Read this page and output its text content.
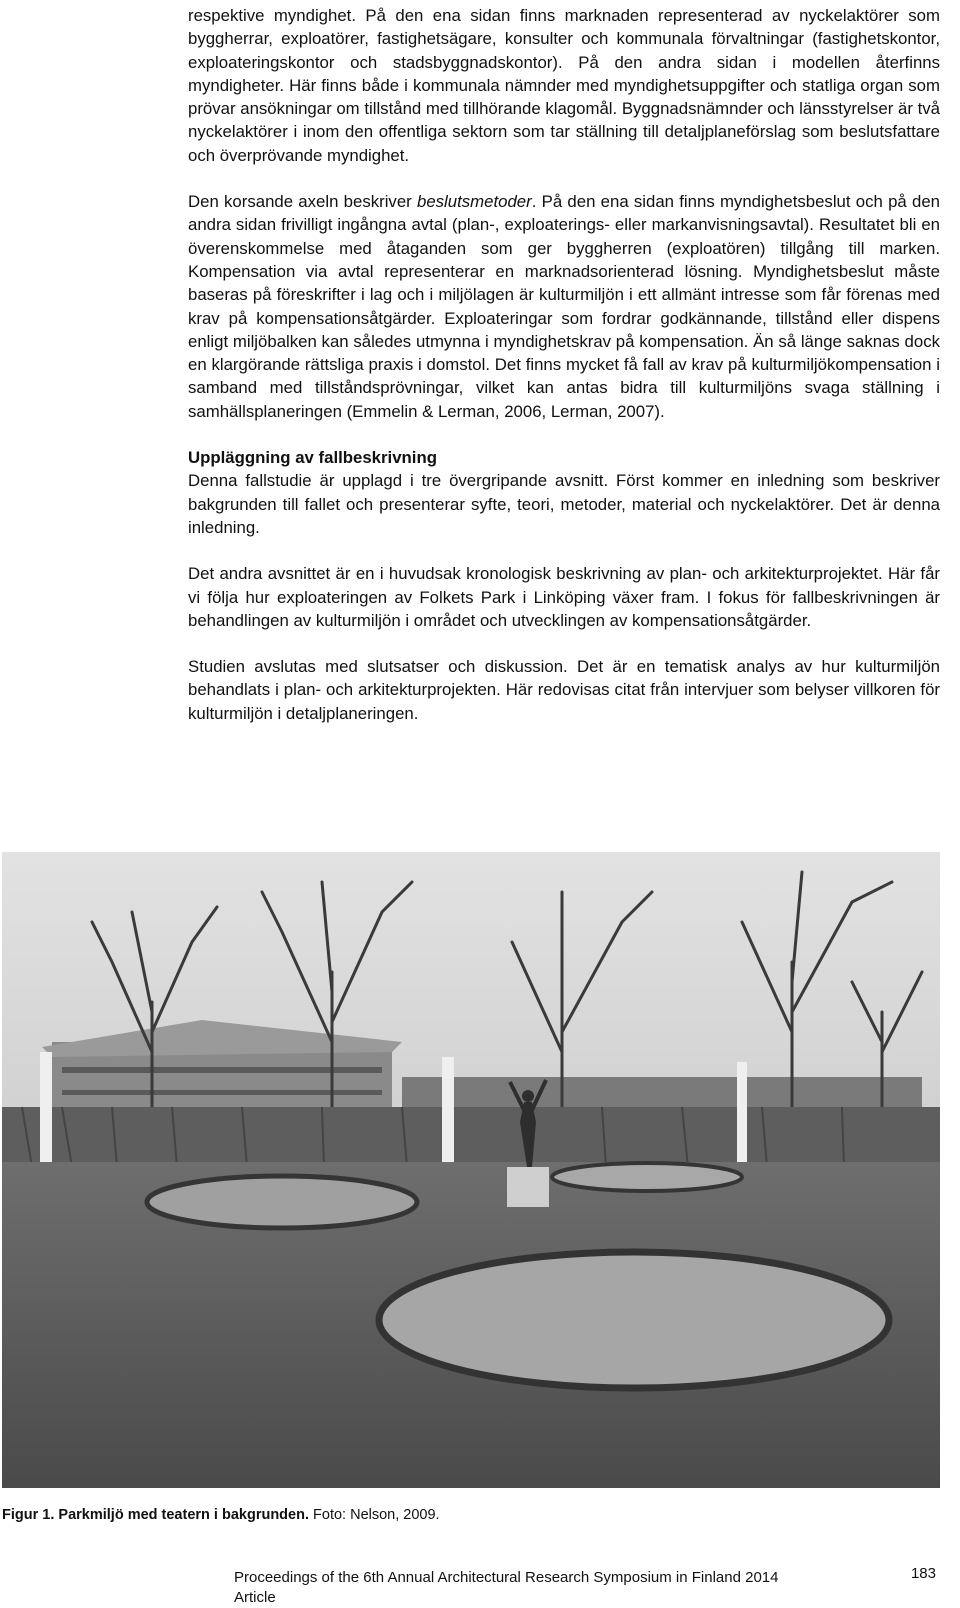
respektive myndighet. På den ena sidan finns marknaden representerad av nyckelaktörer som byggherrar, exploatörer, fastighetsägare, konsulter och kommunala förvaltningar (fastighetskontor, exploateringskontor och stadsbyggnadskontor). På den andra sidan i modellen återfinns myndigheter. Här finns både i kommunala nämnder med myndighetsuppgifter och statliga organ som prövar ansökningar om tillstånd med tillhörande klagomål. Byggnadsnämnder och länsstyrelser är två nyckelaktörer i inom den offentliga sektorn som tar ställning till detaljplaneförslag som beslutsfattare och överprövande myndighet.

Den korsande axeln beskriver beslutsmetoder. På den ena sidan finns myndighetsbeslut och på den andra sidan frivilligt ingångna avtal (plan-, exploaterings- eller markanvisningsavtal). Resultatet bli en överenskommelse med åtaganden som ger byggherren (exploatören) tillgång till marken. Kompensation via avtal representerar en marknadsorienterad lösning. Myndighetsbeslut måste baseras på föreskrifter i lag och i miljölagen är kulturmiljön i ett allmänt intresse som får förenas med krav på kompensationsåtgärder. Exploateringar som fordrar godkännande, tillstånd eller dispens enligt miljöbalken kan således utmynna i myndighetskrav på kompensation. Än så länge saknas dock en klargörande rättsliga praxis i domstol. Det finns mycket få fall av krav på kulturmiljökompensation i samband med tillståndsprövningar, vilket kan antas bidra till kulturmiljöns svaga ställning i samhällsplaneringen (Emmelin & Lerman, 2006, Lerman, 2007).

Uppläggning av fallbeskrivning

Denna fallstudie är upplagd i tre övergripande avsnitt. Först kommer en inledning som beskriver bakgrunden till fallet och presenterar syfte, teori, metoder, material och nyckelaktörer. Det är denna inledning.

Det andra avsnittet är en i huvudsak kronologisk beskrivning av plan- och arkitekturprojektet. Här får vi följa hur exploateringen av Folkets Park i Linköping växer fram. I fokus för fallbeskrivningen är behandlingen av kulturmiljön i området och utvecklingen av kompensationsåtgärder.

Studien avslutas med slutsatser och diskussion. Det är en tematisk analys av hur kulturmiljön behandlats i plan- och arkitekturprojekten. Här redovisas citat från intervjuer som belyser villkoren för kulturmiljön i detaljplaneringen.

Figur 1. Parkmiljö med teatern i bakgrunden. Foto: Nelson, 2009.
Proceedings of the 6th Annual Architectural Research Symposium in Finland 2014
Article
183
